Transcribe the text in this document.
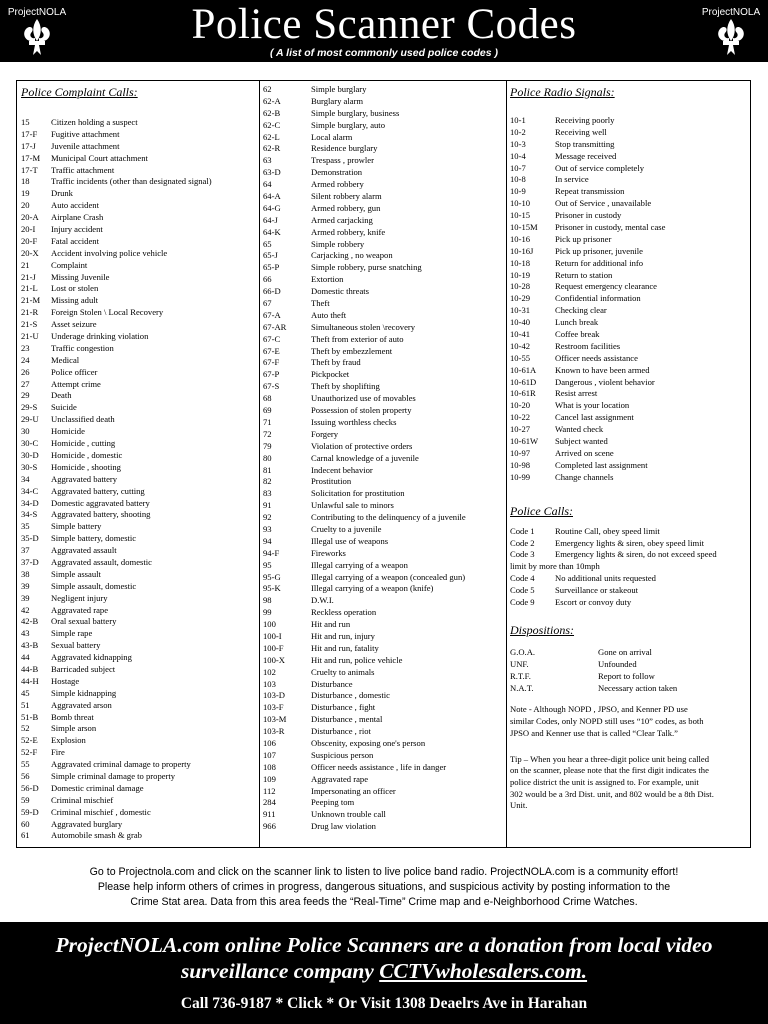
ProjectNOLA	Police Scanner Codes
( A list of most commonly used police codes )
ProjectNOLA
Police Complaint Calls:
15 Citizen holding a suspect
17-F Fugitive attachment
17-J Juvenile attachment
17-M Municipal Court attachment
17-T Traffic attachment
18 Traffic incidents (other than designated signal)
19 Drunk
20 Auto accident
20-A Airplane Crash
20-I Injury accident
20-F Fatal accident
20-X Accident involving police vehicle
21 Complaint
21-J Missing Juvenile
21-L Lost or stolen
21-M Missing adult
21-R Foreign Stolen \ Local Recovery
21-S Asset seizure
21-U Underage drinking violation
23 Traffic congestion
24 Medical
26 Police officer
27 Attempt crime
29 Death
29-S Suicide
29-U Unclassified death
30 Homicide
30-C Homicide , cutting
30-D Homicide , domestic
30-S Homicide , shooting
34 Aggravated battery
34-C Aggravated battery, cutting
34-D Domestic aggravated battery
34-S Aggravated battery, shooting
35 Simple battery
35-D Simple battery, domestic
37 Aggravated assault
37-D Aggravated assault, domestic
38 Simple assault
39 Simple assault, domestic
39 Negligent injury
42 Aggravated rape
42-B Oral sexual battery
43 Simple rape
43-B Sexual battery
44 Aggravated kidnapping
44-B Barricaded subject
44-H Hostage
45 Simple kidnapping
51 Aggravated arson
51-B Bomb threat
52 Simple arson
52-E Explosion
52-F Fire
55 Aggravated criminal damage to property
56 Simple criminal damage to property
56-D Domestic criminal damage
59 Criminal mischief
59-D Criminal mischief , domestic
60 Aggravated burglary
61 Automobile smash & grab
62	Simple burglary
62-A	Burglary alarm
62-B	Simple burglary, business
62-C	Simple burglary, auto
62-L	Local alarm
62-R	Residence burglary
63	Trespass , prowler
63-D	Demonstration
64	Armed robbery
64-A	Silent robbery alarm
64-G	Armed robbery, gun
64-J	Armed carjacking
64-K	Armed robbery, knife
65	Simple robbery
65-J	Carjacking , no weapon
65-P	Simple robbery, purse snatching
66	Extortion
66-D	Domestic threats
67	Theft
67-A	Auto theft
67-AR	Simultaneous stolen \recovery
67-C	Theft from exterior of auto
67-E	Theft by embezzlement
67-F	Theft by fraud
67-P	Pickpocket
67-S	Theft by shoplifting
68	Unauthorized use of movables
69	Possession of stolen property
71	Issuing worthless checks
72	Forgery
79	Violation of protective orders
80	Carnal knowledge of a juvenile
81	Indecent behavior
82	Prostitution
83	Solicitation for prostitution
91	Unlawful sale to minors
92	Contributing to the delinquency of a juvenile
93	Cruelty to a juvenile
94	Illegal use of weapons
94-F	Fireworks
95	Illegal carrying of a weapon
95-G	Illegal carrying of a weapon (concealed gun)
95-K	Illegal carrying of a weapon (knife)
98	D.W.I.
99	Reckless operation
100	Hit and run
100-I	Hit and run, injury
100-F	Hit and run, fatality
100-X	Hit and run, police vehicle
102	Cruelty to animals
103	Disturbance
103-D	Disturbance , domestic
103-F	Disturbance , fight
103-M	Disturbance , mental
103-R	Disturbance , riot
106	Obscenity, exposing one's person
107	Suspicious person
108	Officer needs assistance , life in danger
109	Aggravated rape
112	Impersonating an officer
284	Peeping tom
911	Unknown trouble call
966	Drug law violation
Police Radio Signals:
10-1	Receiving poorly
10-2	Receiving well
10-3	Stop transmitting
10-4	Message received
10-7	Out of service completely
10-8	In service
10-9	Repeat transmission
10-10	Out of Service , unavailable
10-15	Prisoner in custody
10-15M Prisoner in custody, mental case
10-16	Pick up prisoner
10-16J	Pick up prisoner, juvenile
10-18	Return for additional info
10-19	Return to station
10-28	Request emergency clearance
10-29	Confidential information
10-31	Checking clear
10-40	Lunch break
10-41	Coffee break
10-42	Restroom facilities
10-55	Officer needs assistance
10-61A Known to have been armed
10-61D Dangerous , violent behavior
10-61R Resist arrest
10-20	What is your location
10-22	Cancel last assignment
10-27	Wanted check
10-61W Subject wanted
10-97	Arrived on scene
10-98	Completed last assignment
10-99	Change channels
Police Calls:
Code 1 Routine Call, obey speed limit
Code 2 Emergency lights & siren, obey speed limit
Code 3 Emergency lights & siren, do not exceed speed
limit by more than 10mph
Code 4 No additional units requested
Code 5 Surveillance or stakeout
Code 9 Escort or convoy duty
Dispositions:
G.O.A.	Gone on arrival
UNF.	Unfounded
R.T.F.	Report to follow
N.A.T.	Necessary action taken
Note - Although NOPD , JPSO, and Kenner PD use
similar Codes, only NOPD still uses “10” codes, as both
JPSO and Kenner use that is called “Clear Talk.”
Tip – When you hear a three-digit police unit being called
on the scanner, please note that the first digit indicates the
police district the unit is assigned to. For example, unit
302 would be a 3rd Dist. unit, and 802 would be a 8th Dist.
Unit.
Go to Projectnola.com and click on the scanner link to listen to live police band radio. ProjectNOLA.com is a community effort!
Please help inform others of crimes in progress, dangerous situations, and suspicious activity by posting information to the
Crime Stat area. Data from this area feeds the “Real-Time” Crime map and e-Neighborhood Crime Watches.
ProjectNOLA.com online Police Scanners are a donation from local video
surveillance company CCTVwholesalers.com.
Call 736-9187 * Click * Or Visit 1308 Deaelrs Ave in Harahan
